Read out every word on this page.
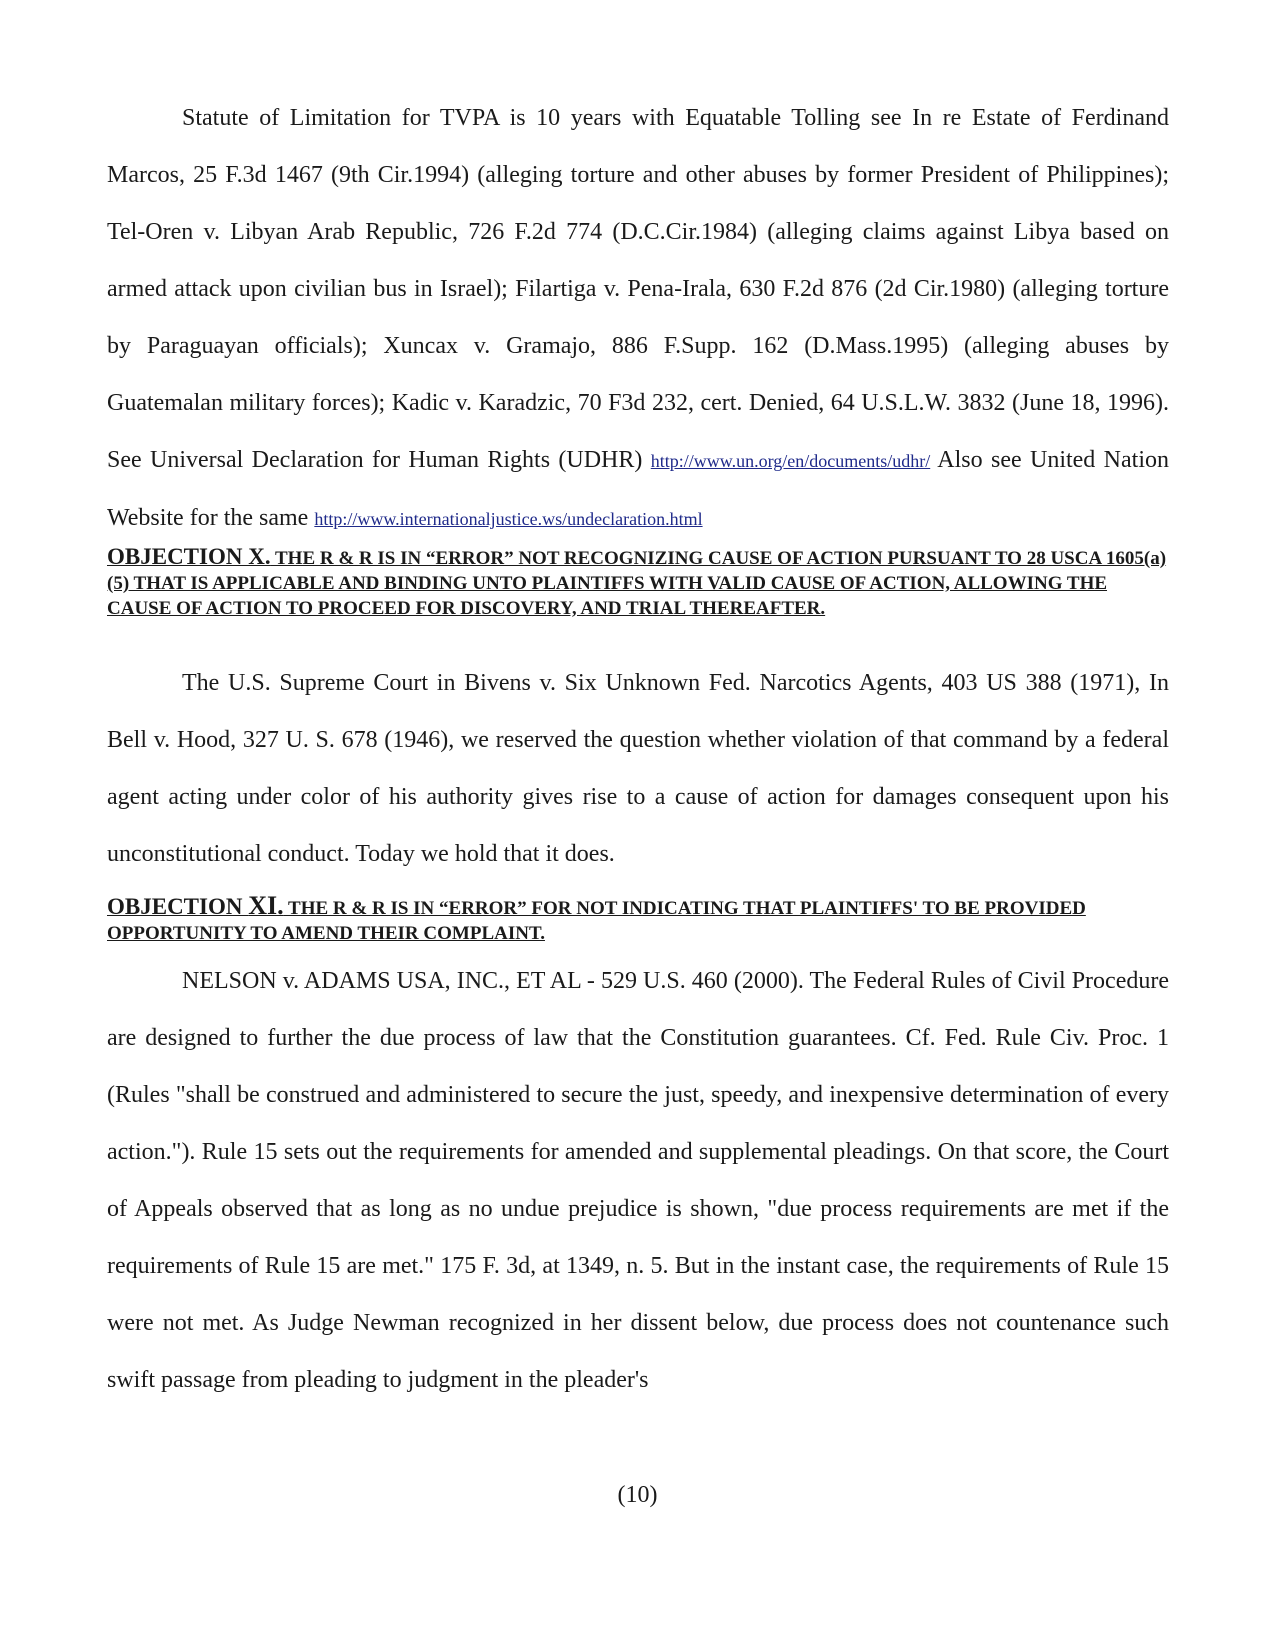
Statute of Limitation for TVPA is 10 years with Equatable Tolling see In re Estate of Ferdinand Marcos, 25 F.3d 1467 (9th Cir.1994) (alleging torture and other abuses by former President of Philippines); Tel-Oren v. Libyan Arab Republic, 726 F.2d 774 (D.C.Cir.1984) (alleging claims against Libya based on armed attack upon civilian bus in Israel); Filartiga v. Pena-Irala, 630 F.2d 876 (2d Cir.1980) (alleging torture by Paraguayan officials); Xuncax v. Gramajo, 886 F.Supp. 162 (D.Mass.1995) (alleging abuses by Guatemalan military forces); Kadic v. Karadzic, 70 F3d 232, cert. Denied, 64 U.S.L.W. 3832 (June 18, 1996). See Universal Declaration for Human Rights (UDHR) http://www.un.org/en/documents/udhr/ Also see United Nation Website for the same http://www.internationaljustice.ws/undeclaration.html

OBJECTION X. THE R & R IS IN “ERROR” NOT RECOGNIZING CAUSE OF ACTION PURSUANT TO 28 USCA 1605(a)(5) THAT IS APPLICABLE AND BINDING UNTO PLAINTIFFS WITH VALID CAUSE OF ACTION, ALLOWING THE CAUSE OF ACTION TO PROCEED FOR DISCOVERY, AND TRIAL THEREAFTER.

The U.S. Supreme Court in Bivens v. Six Unknown Fed. Narcotics Agents, 403 US 388 (1971), In Bell v. Hood, 327 U. S. 678 (1946), we reserved the question whether violation of that command by a federal agent acting under color of his authority gives rise to a cause of action for damages consequent upon his unconstitutional conduct. Today we hold that it does.

OBJECTION XI. THE R & R IS IN “ERROR” FOR NOT INDICATING THAT PLAINTIFFS' TO BE PROVIDED OPPORTUNITY TO AMEND THEIR COMPLAINT.

NELSON v. ADAMS USA, INC., ET AL - 529 U.S. 460 (2000). The Federal Rules of Civil Procedure are designed to further the due process of law that the Constitution guarantees. Cf. Fed. Rule Civ. Proc. 1 (Rules "shall be construed and administered to secure the just, speedy, and inexpensive determination of every action."). Rule 15 sets out the requirements for amended and supplemental pleadings. On that score, the Court of Appeals observed that as long as no undue prejudice is shown, "due process requirements are met if the requirements of Rule 15 are met." 175 F. 3d, at 1349, n. 5. But in the instant case, the requirements of Rule 15 were not met. As Judge Newman recognized in her dissent below, due process does not countenance such swift passage from pleading to judgment in the pleader's

(10)
